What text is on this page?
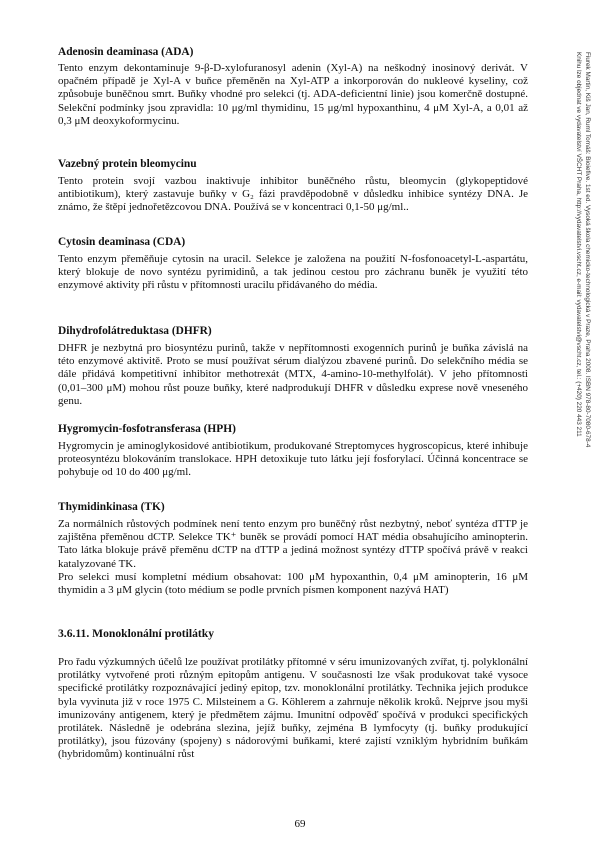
Adenosin deaminasa (ADA)
Tento enzym dekontaminuje 9-β-D-xylofuranosyl adenin (Xyl-A) na neškodný inosinový derivát. V opačném případě je Xyl-A v buňce přeměněn na Xyl-ATP a inkorporován do nukleové kyseliny, což způsobuje buněčnou smrt. Buňky vhodné pro selekci (tj. ADA-deficientní linie) jsou komerčně dostupné. Selekční podmínky jsou zpravidla: 10 μg/ml thymidinu, 15 μg/ml hypoxanthinu, 4 μM Xyl-A, a 0,01 až 0,3 μM deoxykoformycinu.
Vazebný protein bleomycinu
Tento protein svojí vazbou inaktivuje inhibitor buněčného růstu, bleomycin (glykopeptidové antibiotikum), který zastavuje buňky v G₂ fázi pravděpodobně v důsledku inhibice syntézy DNA. Je známo, že štěpí jednořetězcovou DNA. Používá se v koncentraci 0,1-50 μg/ml..
Cytosin deaminasa (CDA)
Tento enzym přeměňuje cytosin na uracil. Selekce je založena na použití N-fosfonoacetyl-L-aspartátu, který blokuje de novo syntézu pyrimidinů, a tak jedinou cestou pro záchranu buněk je využití této enzymové aktivity při růstu v přítomnosti uracilu přidávaného do média.
Dihydrofolátreduktasa (DHFR)
DHFR je nezbytná pro biosyntézu purinů, takže v nepřítomnosti exogenních purinů je buňka závislá na této enzymové aktivitě. Proto se musí používat sérum dialýzou zbavené purinů. Do selekčního média se dále přidává kompetitivní inhibitor methotrexát (MTX, 4-amino-10-methylfolát). V jeho přítomnosti (0,01–300 μM) mohou růst pouze buňky, které nadprodukují DHFR v důsledku exprese nově vneseného genu.
Hygromycin-fosfotransferasa (HPH)
Hygromycin je aminoglykosidové antibiotikum, produkované Streptomyces hygroscopicus, které inhibuje proteosyntézu blokováním translokace. HPH detoxikuje tuto látku její fosforylací. Účinná koncentrace se pohybuje od 10 do 400 μg/ml.
Thymidinkinasa (TK)
Za normálních růstových podmínek není tento enzym pro buněčný růst nezbytný, neboť syntéza dTTP je zajištěna přeměnou dCTP. Selekce TK⁺ buněk se provádí pomocí HAT média obsahujícího aminopterin. Tato látka blokuje právě přeměnu dCTP na dTTP a jediná možnost syntézy dTTP spočívá právě v reakci katalyzované TK.
Pro selekci musí kompletní médium obsahovat: 100 μM hypoxanthin, 0,4 μM aminopterin, 16 μM thymidin a 3 μM glycin (toto médium se podle prvních písmen komponent nazývá HAT)
3.6.11. Monoklonální protilátky
Pro řadu výzkumných účelů lze používat protilátky přítomné v séru imunizovaných zvířat, tj. polyklonální protilátky vytvořené proti různým epitopům antigenu. V současnosti lze však produkovat také vysoce specifické protilátky rozpoznávající jediný epitop, tzv. monoklonální protilátky. Technika jejich produkce byla vyvinuta již v roce 1975 C. Milsteinem a G. Köhlerem a zahrnuje několik kroků. Nejprve jsou myši imunizovány antigenem, který je předmětem zájmu. Imunitní odpověď spočívá v produkci specifických protilátek. Následně je odebrána slezina, jejíž buňky, zejména B lymfocyty (tj. buňky produkující protilátky), jsou fúzovány (spojeny) s nádorovými buňkami, které zajistí vzniklým hybridním buňkám (hybridomům) kontinuální růst
69
Fiurek Martin, Kiš Jan, Ruml Tomáš: Bioiefive. 1st ed. Vysoká škola chemicko-technologická v Praze, Praha 2008. ISBN 978-80-7080-678-4
Knihu lze objednat ve vydavatelství VŠCHT Praha, http://vydavatelstvi.vscht.cz, e-mail: vydavatelstvi@vscht.cz, tel.: (+420) 220 443 211
